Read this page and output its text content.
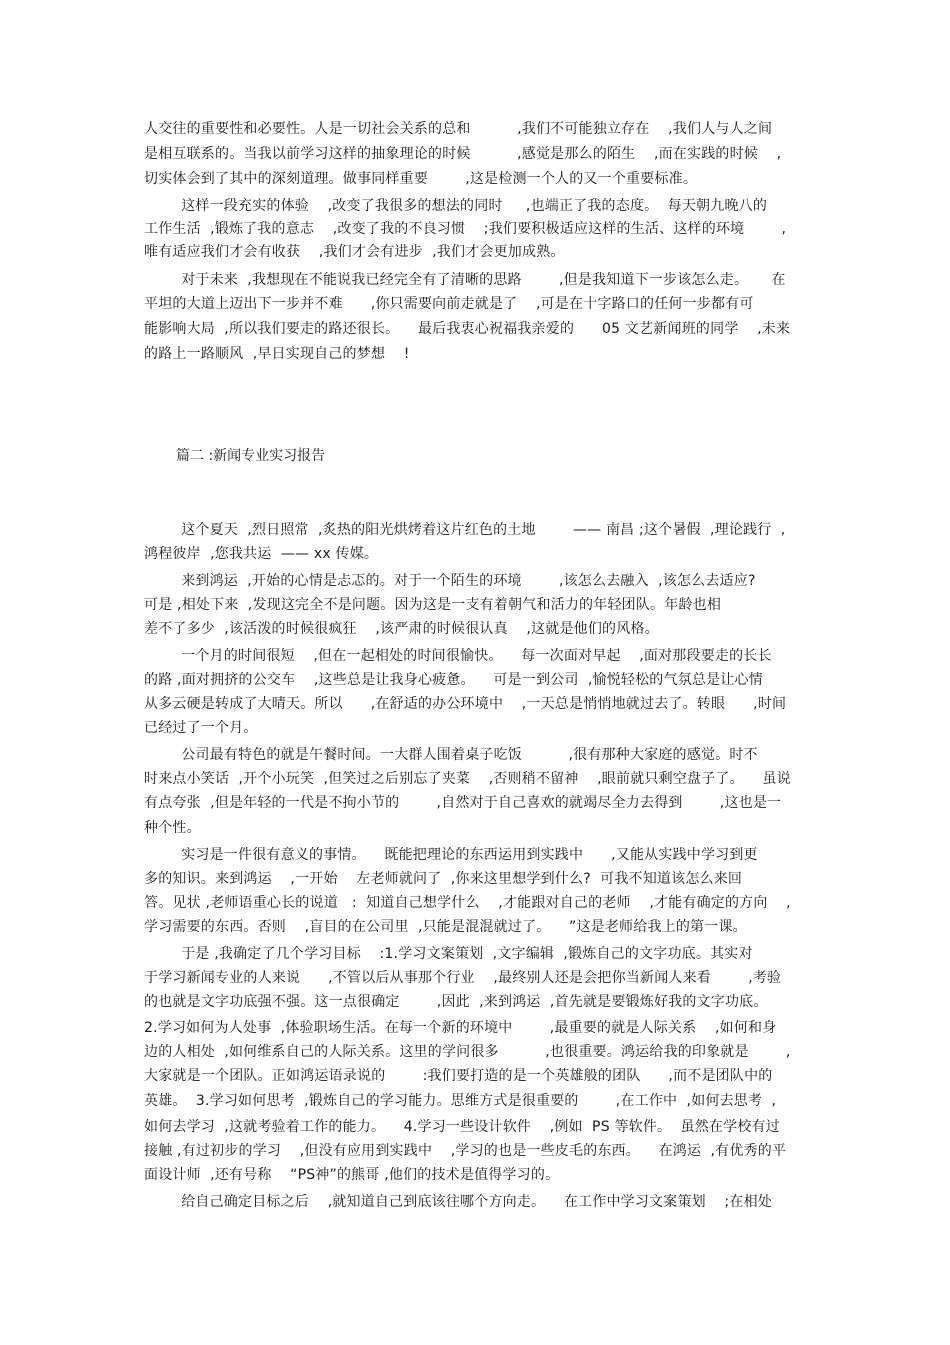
人交往的重要性和必要性。人是一切社会关系的总和          ,我们不可能独立存在    ,我们人与人之间
是相互联系的。当我以前学习这样的抽象理论的时候          ,感觉是那么的陌生    ,而在实践的时候    ,
切实体会到了其中的深刻道理。做事同样重要        ,这是检测一个人的又一个重要标准。
这样一段充实的体验    ,改变了我很多的想法的同时     ,也端正了我的态度。  每天朝九晚八的
工作生活  ,锻炼了我的意志    ,改变了我的不良习惯    ;我们要积极适应这样的生活、这样的环境        ,
唯有适应我们才会有收获    ,我们才会有进步  ,我们才会更加成熟。
对于未来  ,我想现在不能说我已经完全有了清晰的思路        ,但是我知道下一步该怎么走。     在
平坦的大道上迈出下一步并不难      ,你只需要向前走就是了    ,可是在十字路口的任何一步都有可
能影响大局  ,所以我们要走的路还很长。    最后我衷心祝福我亲爱的      05 文艺新闻班的同学    ,未来
的路上一路顺风  ,早日实现自己的梦想    !
篇二 :新闻专业实习报告
这个夏天  ,烈日照常  ,炙热的阳光烘烤着这片红色的土地        —— 南昌 ;这个暑假  ,理论践行  ,
鸿程彼岸  ,您我共运  —— xx 传媒。
来到鸿运  ,开始的心情是忐忑的。对于一个陌生的环境        ,该怎么去融入  ,该怎么去适应?
可是 ,相处下来  ,发现这完全不是问题。因为这是一支有着朝气和活力的年轻团队。年龄也相
差不了多少  ,该活泼的时候很疯狂    ,该严肃的时候很认真    ,这就是他们的风格。
一个月的时间很短    ,但在一起相处的时间很愉快。    每一次面对早起    ,面对那段要走的长长
的路 ,面对拥挤的公交车    ,这些总是让我身心疲惫。    可是一到公司  ,愉悦轻松的气氛总是让心情
从多云硬是转成了大晴天。所以      ,在舒适的办公环境中    ,一天总是悄悄地就过去了。转眼      ,时间
已经过了一个月。
公司最有特色的就是午餐时间。一大群人围着桌子吃饭          ,很有那种大家庭的感觉。时不
时来点小笑话  ,开个小玩笑  ,但笑过之后别忘了夹菜    ,否则稍不留神    ,眼前就只剩空盘子了。    虽说
有点夸张  ,但是年轻的一代是不拘小节的        ,自然对于自己喜欢的就竭尽全力去得到        ,这也是一
种个性。
实习是一件很有意义的事情。    既能把理论的东西运用到实践中      ,又能从实践中学习到更
多的知识。来到鸿运    ,一开始    左老师就问了  ,你来这里想学到什么?  可我不知道该怎么来回
答。见状 ,老师语重心长的说道   :  知道自己想学什么    ,才能跟对自己的老师    ,才能有确定的方向    ,
学习需要的东西。否则    ,盲目的在公司里  ,只能是混混就过了。    ”这是老师给我上的第一课。
于是 ,我确定了几个学习目标    :1.学习文案策划  ,文字编辑  ,锻炼自己的文字功底。其实对
于学习新闻专业的人来说      ,不管以后从事那个行业    ,最终别人还是会把你当新闻人来看        ,考验
的也就是文字功底强不强。这一点很确定        ,因此  ,来到鸿运  ,首先就是要锻炼好我的文字功底。
2.学习如何为人处事  ,体验职场生活。在每一个新的环境中        ,最重要的就是人际关系    ,如何和身
边的人相处  ,如何维系自己的人际关系。这里的学问很多          ,也很重要。鸿运给我的印象就是        ,
大家就是一个团队。正如鸿运语录说的        :我们要打造的是一个英雄般的团队      ,而不是团队中的
英雄。  3.学习如何思考  ,锻炼自己的学习能力。思维方式是很重要的        ,在工作中  ,如何去思考  ,
如何去学习  ,这就考验着工作的能力。    4.学习一些设计软件    ,例如  PS 等软件。  虽然在学校有过
接触 ,有过初步的学习    ,但没有应用到实践中    ,学习的也是一些皮毛的东西。    在鸿运  ,有优秀的平
面设计师  ,还有号称    “PS神”的熊哥 ,他们的技术是值得学习的。
给自己确定目标之后    ,就知道自己到底该往哪个方向走。    在工作中学习文案策划    ;在相处
